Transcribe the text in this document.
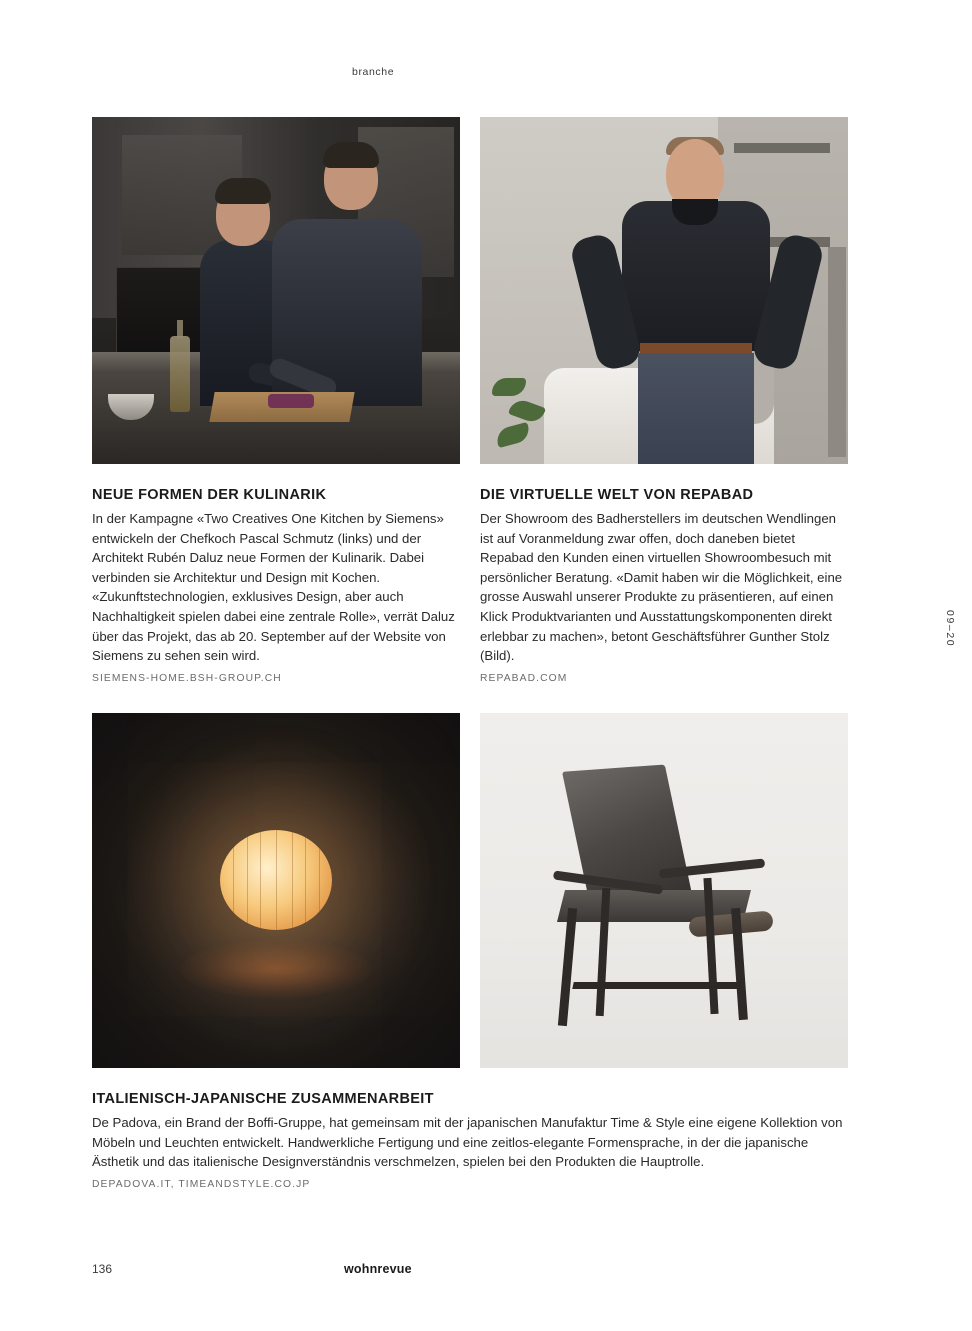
branche
09–20
NEUE FORMEN DER KULINARIK
In der Kampagne «Two Creatives One Kitchen by Siemens» entwickeln der Chefkoch Pascal Schmutz (links) und der Architekt Rubén Daluz neue Formen der Kulinarik. Dabei verbinden sie Architektur und Design mit Kochen. «Zukunftstechnologien, exklusives Design, aber auch Nachhaltigkeit spielen dabei eine zentrale Rolle», verrät Daluz über das Projekt, das ab 20. September auf der Website von Siemens zu sehen sein wird.
SIEMENS-HOME.BSH-GROUP.CH
DIE VIRTUELLE WELT VON REPABAD
Der Showroom des Badherstellers im deutschen Wendlingen ist auf Voranmeldung zwar offen, doch daneben bietet Repabad den Kunden einen virtuellen Showroombesuch mit persönlicher Beratung. «Damit haben wir die Möglichkeit, eine grosse Auswahl unserer Produkte zu präsentieren, auf einen Klick Produktvarianten und Ausstattungskomponenten direkt erlebbar zu machen», betont Geschäftsführer Gunther Stolz (Bild).
REPABAD.COM
ITALIENISCH-JAPANISCHE ZUSAMMENARBEIT
De Padova, ein Brand der Boffi-Gruppe, hat gemeinsam mit der japanischen Manufaktur Time & Style eine eigene Kollektion von Möbeln und Leuchten entwickelt. Handwerkliche Fertigung und eine zeitlos-elegante Formensprache, in der die japanische Ästhetik und das italienische Designverständnis verschmelzen, spielen bei den Produkten die Hauptrolle.
DEPADOVA.IT, TIMEANDSTYLE.CO.JP
136	wohnrevue
